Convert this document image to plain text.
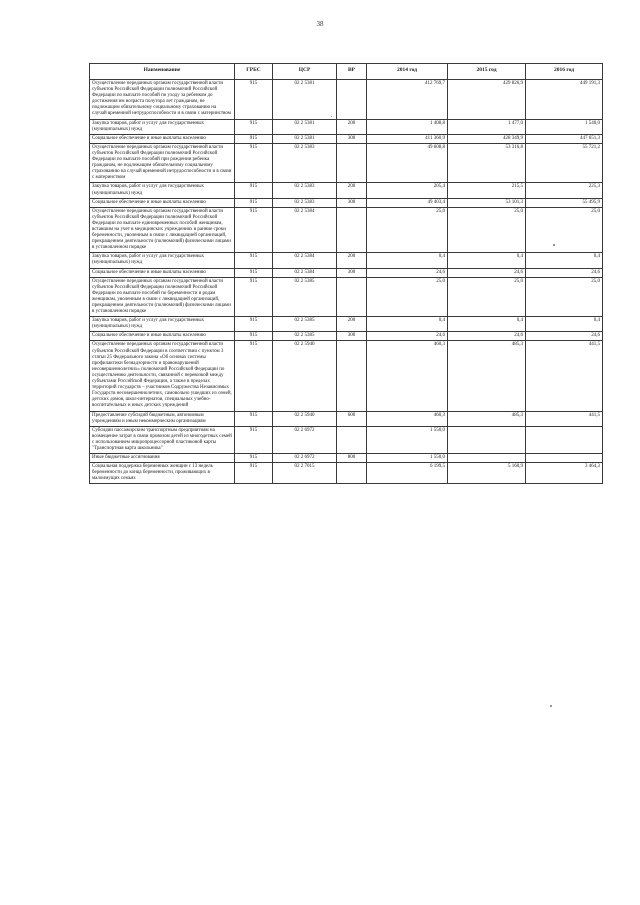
38
Наименование	ГРБС	ЦСР	ВР	2014 год	2015 год	2016 год
Осуществление переданных органам государственной власти субъектов Российской Федерации полномочий Российской Федерации по выплате пособий по уходу за ребенком до достижения им возраста полутора лет гражданам, не подлежащим обязательному социальному страхованию на случай временной нетрудоспособности и в связи с материнством	915	02 2 5381		412 769,7	429 826,9	449 191,3
Закупка товаров, работ и услуг для государственных (муниципальных) нужд	915	02 2 5381	200	1 408,8	1 477,0	1 540,0
Социальное обеспечение и иные выплаты населению	915	02 2 5381	300	411 360,9	428 349,9	447 651,3
Осуществление переданных органам государственной власти субъектов Российской Федерации полномочий Российской Федерации по выплате пособий при рождении ребенка гражданам, не подлежащим обязательному социальному страхованию на случай временной нетрудоспособности и в связи с материнством	915	02 2 5383		49 608,8	53 316,8	55 721,2
Закупка товаров, работ и услуг для государственных (муниципальных) нужд	915	02 2 5383	200	205,4	215,5	225,3
Социальное обеспечение и иные выплаты населению	915	02 2 5383	300	49 403,4	53 101,3	55 495,9
Осуществление переданных органам государственной власти субъектов Российской Федерации полномочий Российской Федерации по выплате единовременных пособий женщинам, вставшим на учет в медицинских учреждениях в ранние сроки беременности, уволенным в связи с ликвидацией организаций, прекращением деятельности (полномочий) физическими лицами в установленном порядке	915	02 2 5384		25,0	25,0	25,0
Закупка товаров, работ и услуг для государственных (муниципальных) нужд	915	02 2 5384	200	0,4	0,4	0,4
Социальное обеспечение и иные выплаты населению	915	02 2 5384	300	24,6	24,6	24,6
Осуществление переданных органам государственной власти субъектов Российской Федерации полномочий Российской Федерации по выплате пособий по беременности и родам женщинам, уволенным в связи с ликвидацией организаций, прекращением деятельности (полномочий) физическими лицами в установленном порядке	915	02 2 5385		25,0	25,0	25,0
Закупка товаров, работ и услуг для государственных (муниципальных) нужд	915	02 2 5385	200	0,4	0,4	0,4
Социальное обеспечение и иные выплаты населению	915	02 2 5385	300	24,6	24,6	24,6
Осуществление переданных органам государственной власти субъектов Российской Федерации в соответствии с пунктом 3 статьи 25 Федерального закона «Об основах системы профилактики безнадзорности и правонарушений несовершеннолетних» полномочий Российской Федерации по осуществлению деятельности, связанной с перевозкой между субъектами Российской Федерации, а также в пределах территорий государств – участников Содружества Независимых Государств несовершеннолетних, самовольно ушедших из семей, детских домов, школ-интернатов, специальных учебно-воспитательных и иных детских учреждений	915	02 2 5940		460,3	485,3	441,5
Предоставление субсидий бюджетным, автономным учреждениям и иным некоммерческим организациям	915	02 2 5940	600	460,3	485,3	441,5
Субсидии пассажирским транспортным предприятиям на возмещение затрат в связи провозом детей из многодетных семей с использованием микропроцессорной пластиковой карты "Транспортная карта школьника"	915	02 2 6972		1 550,0		
Иные бюджетные ассигнования	915	02 2 6972	800	1 550,0		
Социальная поддержка беременных женщин с 13 недель беременности до конца беременности, проживающих в малоимущих семьях	915	02 2 7015		6 199,5	5 160,9	3 464,3
